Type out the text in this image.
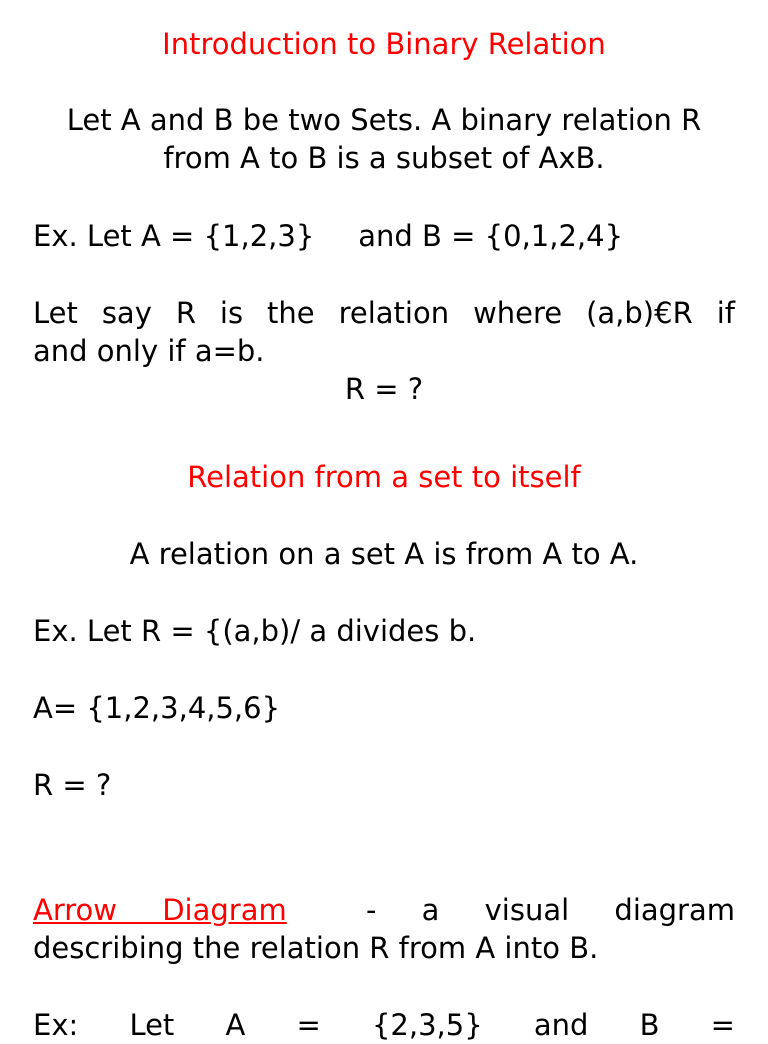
Introduction to Binary Relation
Let A and B be two Sets. A binary relation R
from A to B is a subset of AxB.
Ex. Let A = {1,2,3} and B = {0,1,2,4}
Let say R is the relation where (a,b)€R if
and only if a=b.
R = ?
Relation from a set to itself
A relation on a set A is from A to A.
Ex. Let R = {(a,b)/ a divides b.
A= {1,2,3,4,5,6}
R = ?
Arrow Diagram	- a visual diagram
describing the relation R from A into B.
Ex: Let A = {2,3,5} and B =
